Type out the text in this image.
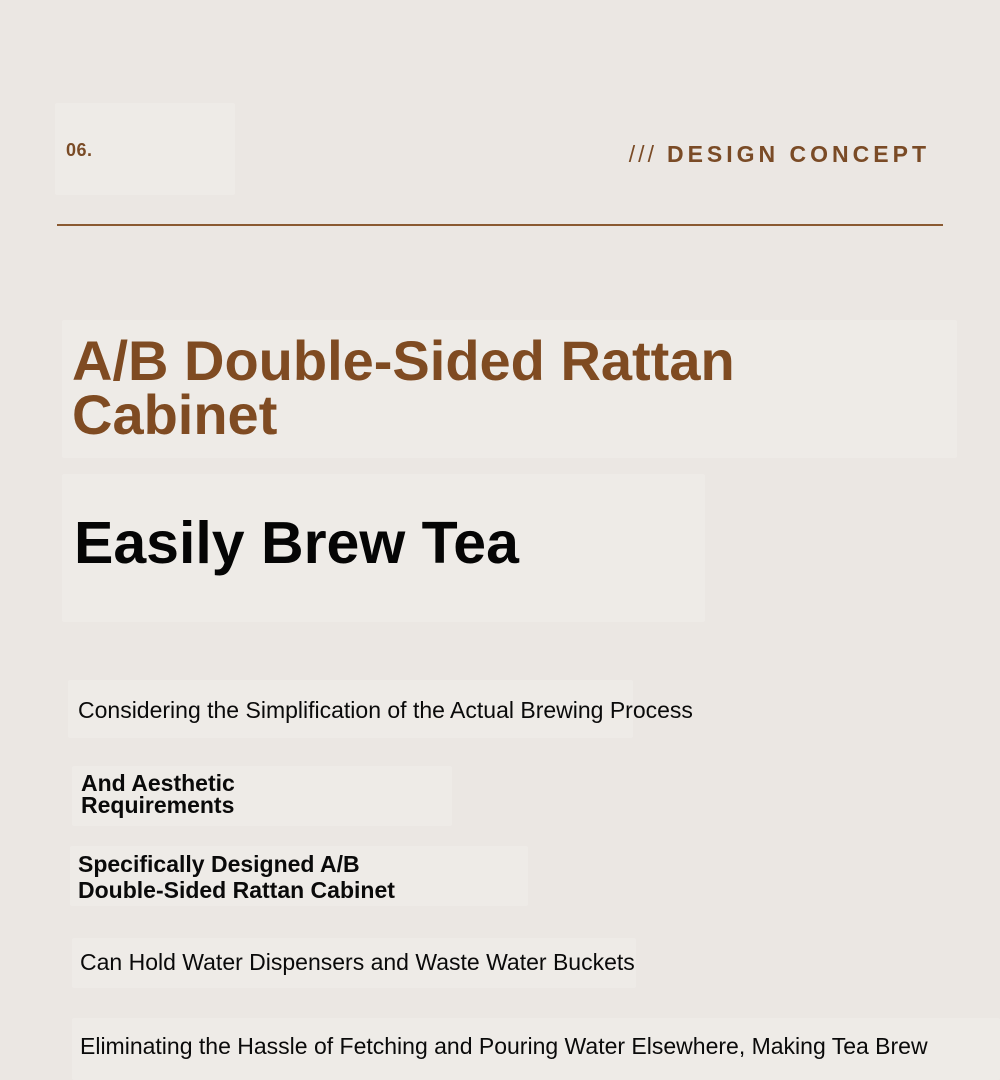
06.	/// DESIGN CONCEPT
A/B Double-Sided Rattan Cabinet
Easily Brew Tea

Considering the Simplification of the Actual Brewing Process

And Aesthetic Requirements

Specifically Designed A/B Double-Sided Rattan Cabinet

Can Hold Water Dispensers and Waste Water Buckets

Eliminating the Hassle of Fetching and Pouring Water Elsewhere, Making Tea Brew
